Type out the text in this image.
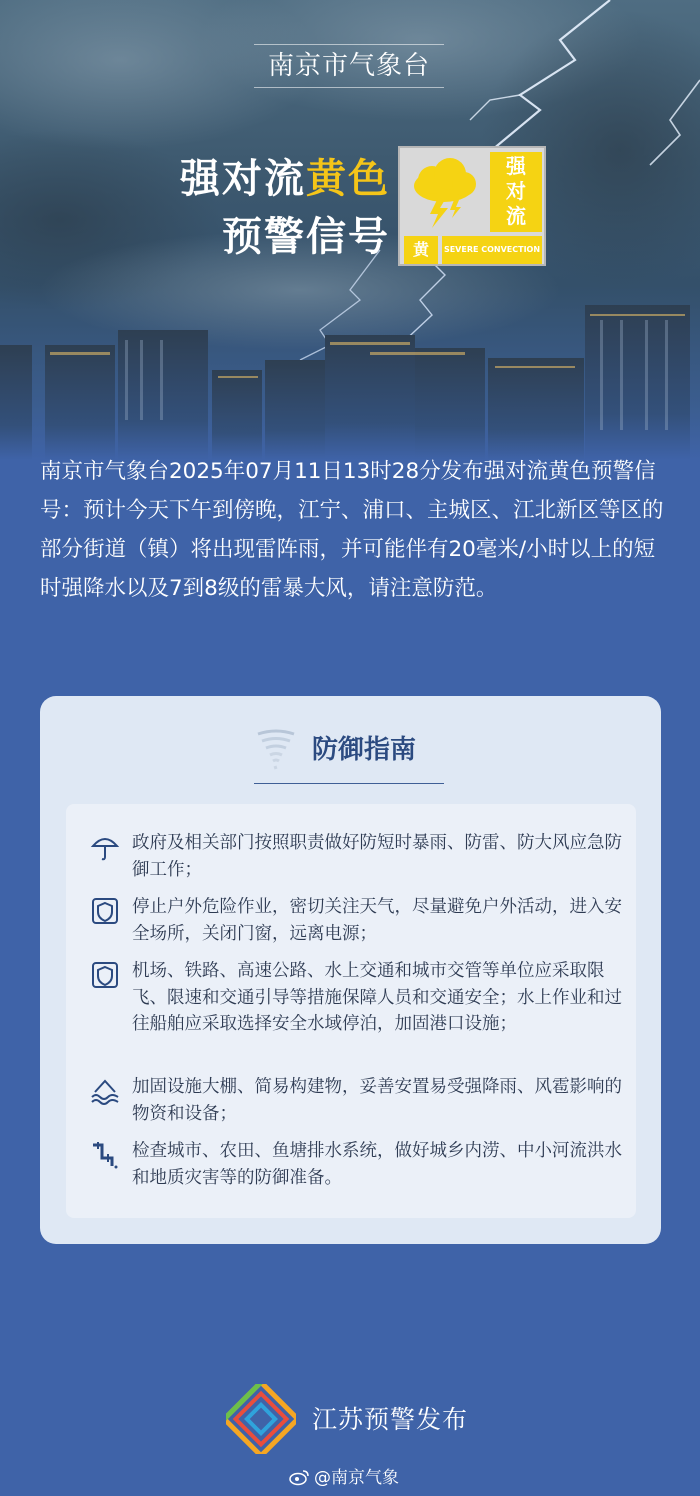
南京市气象台
强对流黄色
预警信号
强对流
黄	SEVERE CONVECTION
南京市气象台2025年07月11日13时28分发布强对流黄色预警信号：预计今天下午到傍晚，江宁、浦口、主城区、江北新区等区的部分街道（镇）将出现雷阵雨，并可能伴有20毫米/小时以上的短时强降水以及7到8级的雷暴大风，请注意防范。
防御指南
政府及相关部门按照职责做好防短时暴雨、防雷、防大风应急防御工作；
停止户外危险作业，密切关注天气，尽量避免户外活动，进入安全场所，关闭门窗，远离电源；
机场、铁路、高速公路、水上交通和城市交管等单位应采取限飞、限速和交通引导等措施保障人员和交通安全；水上作业和过往船舶应采取选择安全水域停泊，加固港口设施；
加固设施大棚、简易构建物，妥善安置易受强降雨、风雹影响的物资和设备；
检查城市、农田、鱼塘排水系统，做好城乡内涝、中小河流洪水和地质灾害等的防御准备。
江苏预警发布
@南京气象
